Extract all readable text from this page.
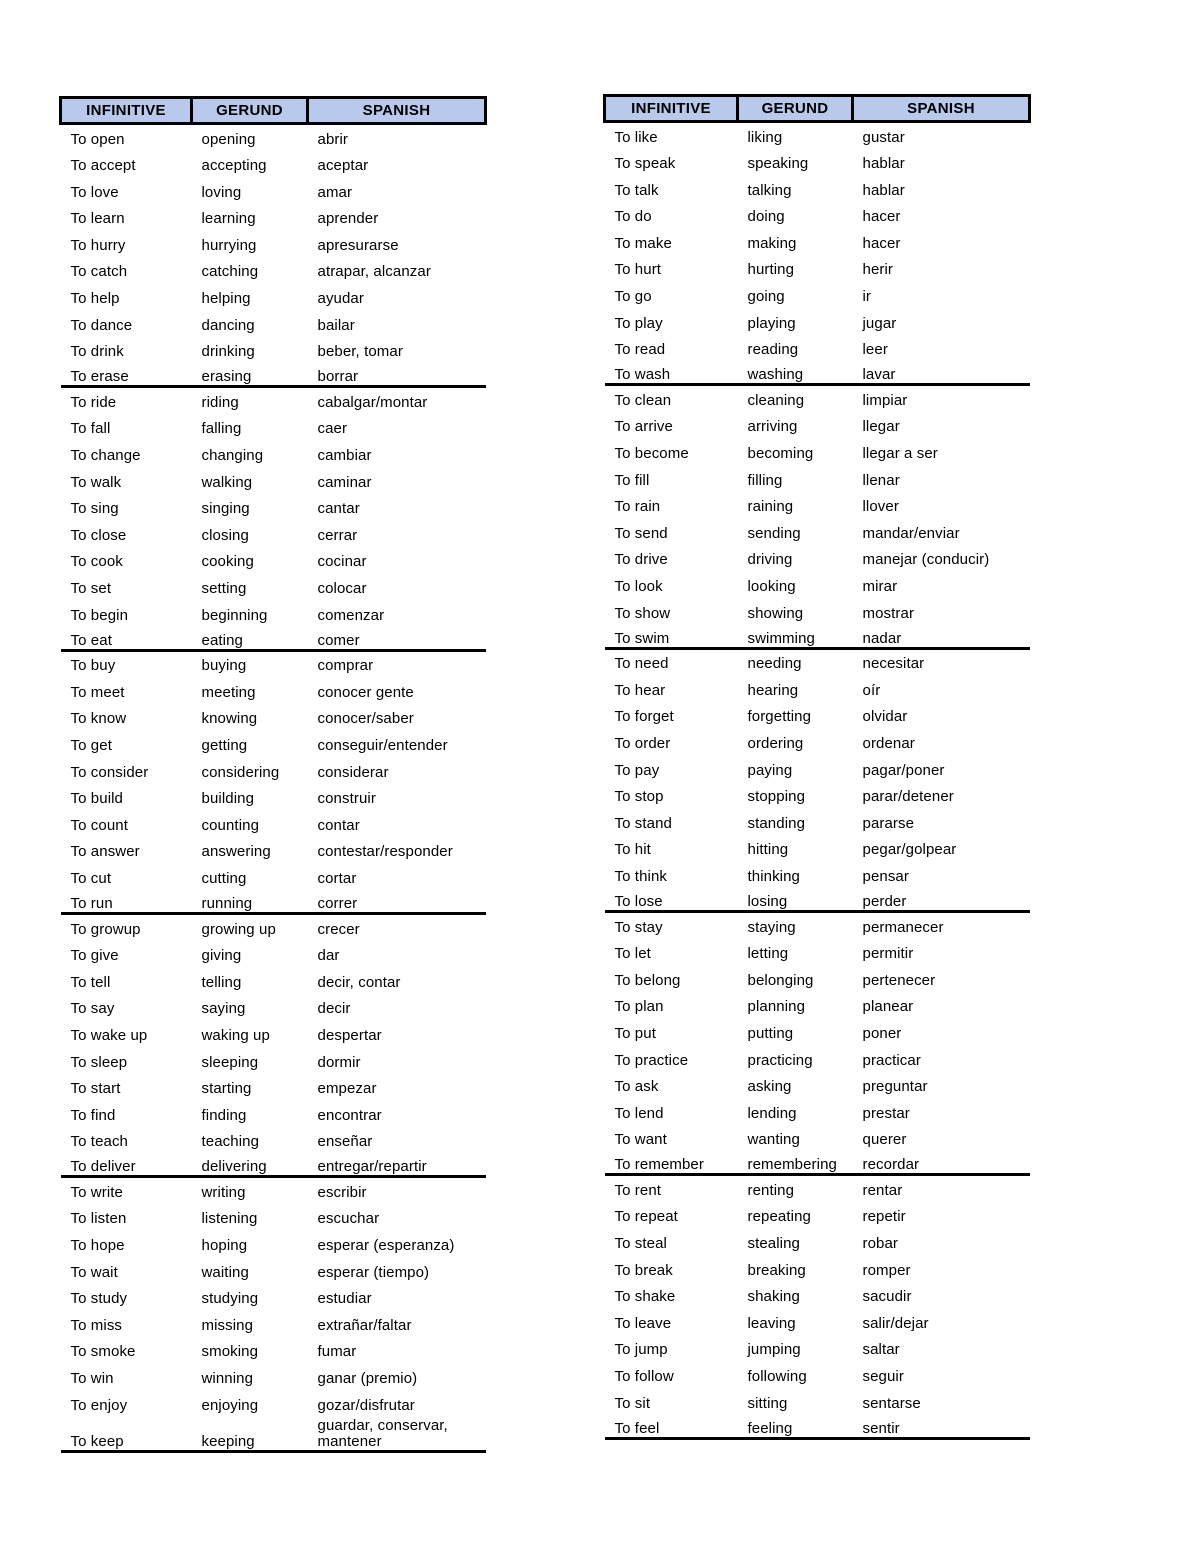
INFINITIVE	GERUND	SPANISH
To open	opening	abrir
To accept	accepting	aceptar
To love	loving	amar
To learn	learning	aprender
To hurry	hurrying	apresurarse
To catch	catching	atrapar, alcanzar
To help	helping	ayudar
To dance	dancing	bailar
To drink	drinking	beber, tomar
To erase	erasing	borrar
To ride	riding	cabalgar/montar
To fall	falling	caer
To change	changing	cambiar
To walk	walking	caminar
To sing	singing	cantar
To close	closing	cerrar
To cook	cooking	cocinar
To set	setting	colocar
To begin	beginning	comenzar
To eat	eating	comer
To buy	buying	comprar
To meet	meeting	conocer gente
To know	knowing	conocer/saber
To get	getting	conseguir/entender
To consider	considering	considerar
To build	building	construir
To count	counting	contar
To answer	answering	contestar/responder
To cut	cutting	cortar
To run	running	correr
To growup	growing up	crecer
To give	giving	dar
To tell	telling	decir, contar
To say	saying	decir
To wake up	waking up	despertar
To sleep	sleeping	dormir
To start	starting	empezar
To find	finding	encontrar
To teach	teaching	enseñar
To deliver	delivering	entregar/repartir
To write	writing	escribir
To listen	listening	escuchar
To hope	hoping	esperar (esperanza)
To wait	waiting	esperar (tiempo)
To study	studying	estudiar
To miss	missing	extrañar/faltar
To smoke	smoking	fumar
To win	winning	ganar (premio)
To enjoy	enjoying	gozar/disfrutar
To keep	keeping	guardar, conservar, mantener
INFINITIVE	GERUND	SPANISH
To like	liking	gustar
To speak	speaking	hablar
To talk	talking	hablar
To do	doing	hacer
To make	making	hacer
To hurt	hurting	herir
To go	going	ir
To play	playing	jugar
To read	reading	leer
To wash	washing	lavar
To clean	cleaning	limpiar
To arrive	arriving	llegar
To become	becoming	llegar a ser
To fill	filling	llenar
To rain	raining	llover
To send	sending	mandar/enviar
To drive	driving	manejar (conducir)
To look	looking	mirar
To show	showing	mostrar
To swim	swimming	nadar
To need	needing	necesitar
To hear	hearing	oír
To forget	forgetting	olvidar
To order	ordering	ordenar
To pay	paying	pagar/poner
To stop	stopping	parar/detener
To stand	standing	pararse
To hit	hitting	pegar/golpear
To think	thinking	pensar
To lose	losing	perder
To stay	staying	permanecer
To let	letting	permitir
To belong	belonging	pertenecer
To plan	planning	planear
To put	putting	poner
To practice	practicing	practicar
To ask	asking	preguntar
To lend	lending	prestar
To want	wanting	querer
To remember	remembering	recordar
To rent	renting	rentar
To repeat	repeating	repetir
To steal	stealing	robar
To break	breaking	romper
To shake	shaking	sacudir
To leave	leaving	salir/dejar
To jump	jumping	saltar
To follow	following	seguir
To sit	sitting	sentarse
To feel	feeling	sentir
